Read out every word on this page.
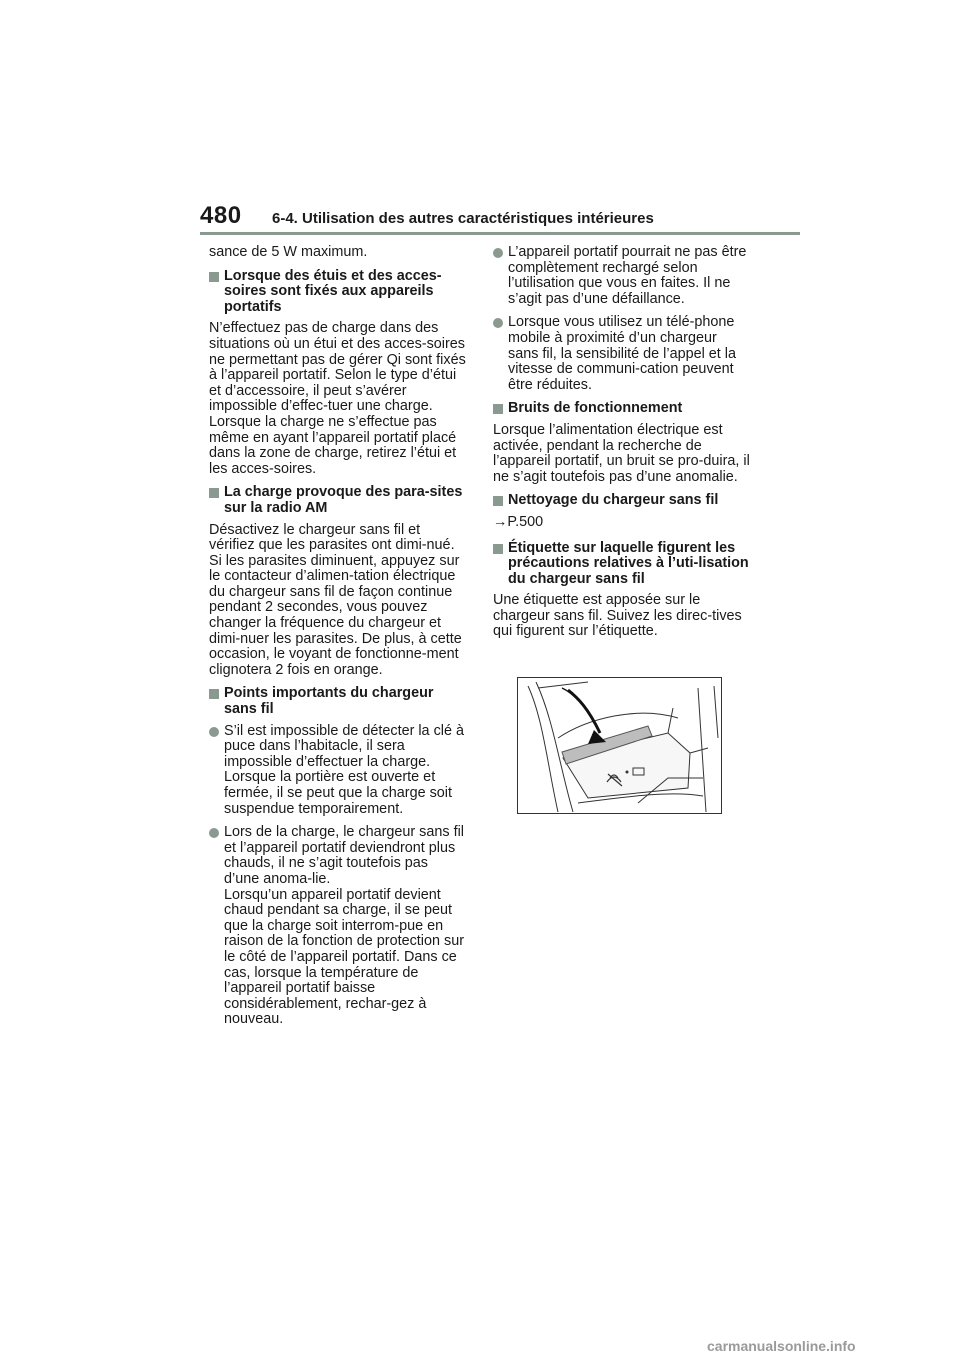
480 6-4. Utilisation des autres caractéristiques intérieures

sance de 5 W maximum.

Lorsque des étuis et des acces-soires sont fixés aux appareils portatifs

N’effectuez pas de charge dans des situations où un étui et des acces-soires ne permettant pas de gérer Qi sont fixés à l’appareil portatif. Selon le type d’étui et d’accessoire, il peut s’avérer impossible d’effec-tuer une charge. Lorsque la charge ne s’effectue pas même en ayant l’appareil portatif placé dans la zone de charge, retirez l’étui et les acces-soires.

La charge provoque des para-sites sur la radio AM

Désactivez le chargeur sans fil et vérifiez que les parasites ont dimi-nué. Si les parasites diminuent, appuyez sur le contacteur d’alimen-tation électrique du chargeur sans fil de façon continue pendant 2 secondes, vous pouvez changer la fréquence du chargeur et dimi-nuer les parasites. De plus, à cette occasion, le voyant de fonctionne-ment clignotera 2 fois en orange.

Points importants du chargeur sans fil
S’il est impossible de détecter la clé à puce dans l’habitacle, il sera impossible d’effectuer la charge. Lorsque la portière est ouverte et fermée, il se peut que la charge soit suspendue temporairement.
Lors de la charge, le chargeur sans fil et l’appareil portatif deviendront plus chauds, il ne s’agit toutefois pas d’une anoma-lie.
Lorsqu’un appareil portatif devient chaud pendant sa charge, il se peut que la charge soit interrom-pue en raison de la fonction de protection sur le côté de l’appareil portatif. Dans ce cas, lorsque la température de l’appareil portatif baisse considérablement, rechar-gez à nouveau.
L’appareil portatif pourrait ne pas être complètement rechargé selon l’utilisation que vous en faites. Il ne s’agit pas d’une défaillance.
Lorsque vous utilisez un télé-phone mobile à proximité d’un chargeur sans fil, la sensibilité de l’appel et la vitesse de communi-cation peuvent être réduites.
Bruits de fonctionnement

Lorsque l’alimentation électrique est activée, pendant la recherche de l’appareil portatif, un bruit se pro-duira, il ne s’agit toutefois pas d’une anomalie.

Nettoyage du chargeur sans fil

→P.500

Étiquette sur laquelle figurent les précautions relatives à l’uti-lisation du chargeur sans fil

Une étiquette est apposée sur le chargeur sans fil. Suivez les direc-tives qui figurent sur l’étiquette.

carmanualsonline.info
